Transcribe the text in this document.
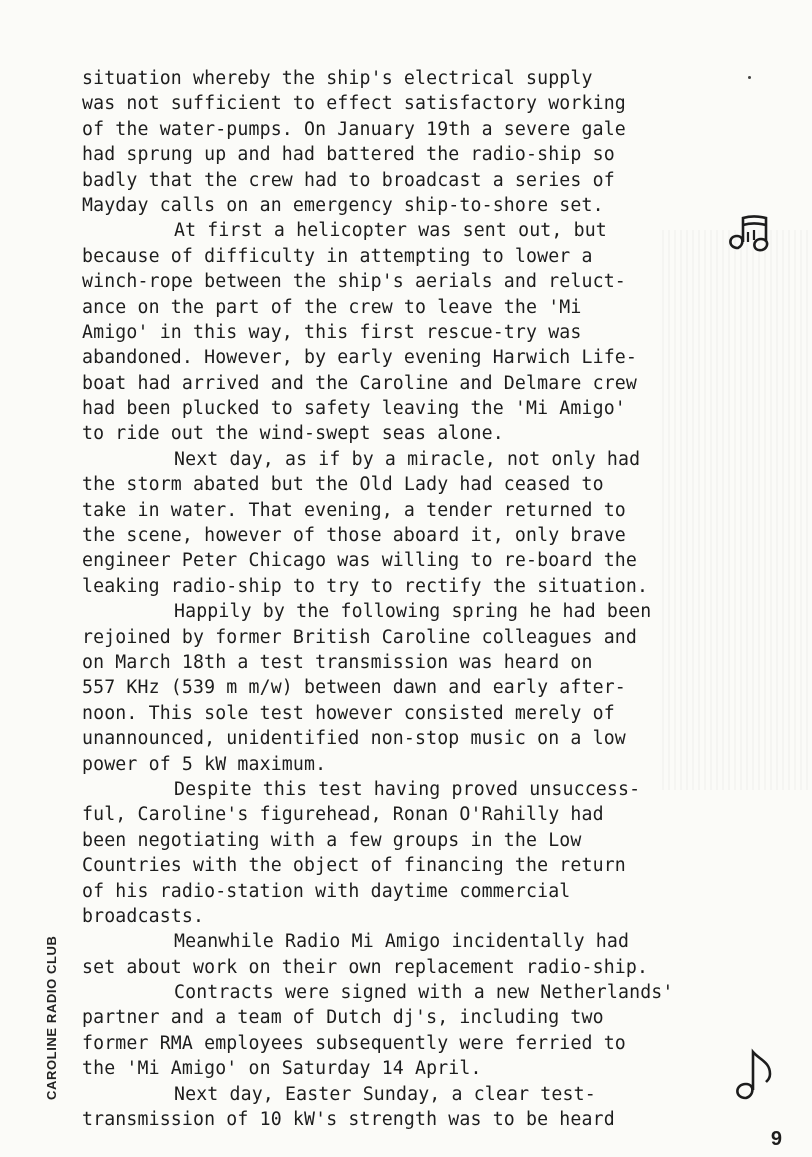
situation whereby the ship's electrical supply
was not sufficient to effect satisfactory working
of the water-pumps. On January 19th a severe gale
had sprung up and had battered the radio-ship so
badly that the crew had to broadcast a series of
Mayday calls on an emergency ship-to-shore set.
At first a helicopter was sent out, but
because of difficulty in attempting to lower a
winch-rope between the ship's aerials and reluct-
ance on the part of the crew to leave the 'Mi
Amigo' in this way, this first rescue-try was
abandoned. However, by early evening Harwich Life-
boat had arrived and the Caroline and Delmare crew
had been plucked to safety leaving the 'Mi Amigo'
to ride out the wind-swept seas alone.
Next day, as if by a miracle, not only had
the storm abated but the Old Lady had ceased to
take in water. That evening, a tender returned to
the scene, however of those aboard it, only brave
engineer Peter Chicago was willing to re-board the
leaking radio-ship to try to rectify the situation.
Happily by the following spring he had been
rejoined by former British Caroline colleagues and
on March 18th a test transmission was heard on
557 KHz (539 m m/w) between dawn and early after-
noon. This sole test however consisted merely of
unannounced, unidentified non-stop music on a low
power of 5 kW maximum.
Despite this test having proved unsuccess-
ful, Caroline's figurehead, Ronan O'Rahilly had
been negotiating with a few groups in the Low
Countries with the object of financing the return
of his radio-station with daytime commercial
broadcasts.
Meanwhile Radio Mi Amigo incidentally had
set about work on their own replacement radio-ship.
Contracts were signed with a new Netherlands'
partner and a team of Dutch dj's, including two
former RMA employees subsequently were ferried to
the 'Mi Amigo' on Saturday 14 April.
Next day, Easter Sunday, a clear test-
transmission of 10 kW's strength was to be heard
CAROLINE RADIO CLUB
9
